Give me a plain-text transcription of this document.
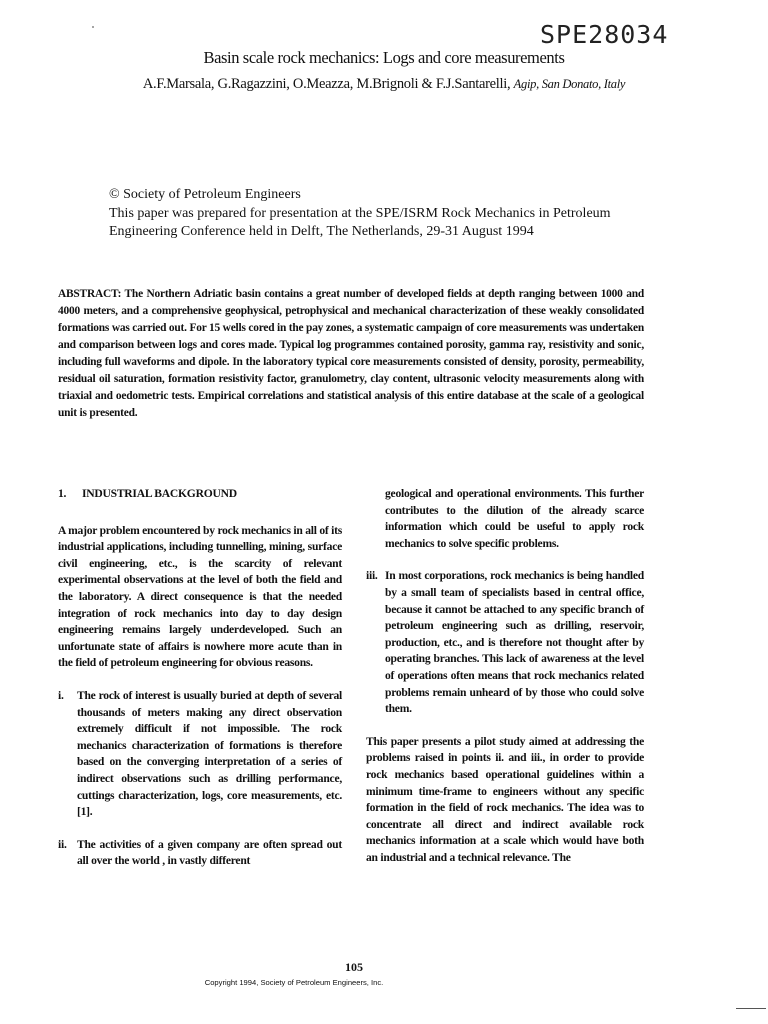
SPE28034
Basin scale rock mechanics: Logs and core measurements
A.F.Marsala, G.Ragazzini, O.Meazza, M.Brignoli & F.J.Santarelli, Agip, San Donato, Italy
© Society of Petroleum Engineers
This paper was prepared for presentation at the SPE/ISRM Rock Mechanics in Petroleum
Engineering Conference held in Delft, The Netherlands, 29-31 August 1994
ABSTRACT: The Northern Adriatic basin contains a great number of developed fields at depth ranging between 1000 and 4000 meters, and a comprehensive geophysical, petrophysical and mechanical characterization of these weakly consolidated formations was carried out. For 15 wells cored in the pay zones, a systematic campaign of core measurements was undertaken and comparison between logs and cores made. Typical log programmes contained porosity, gamma ray, resistivity and sonic, including full waveforms and dipole. In the laboratory typical core measurements consisted of density, porosity, permeability, residual oil saturation, formation resistivity factor, granulometry, clay content, ultrasonic velocity measurements along with triaxial and oedometric tests. Empirical correlations and statistical analysis of this entire database at the scale of a geological unit is presented.
1. INDUSTRIAL BACKGROUND

A major problem encountered by rock mechanics in all of its industrial applications, including tunnelling, mining, surface civil engineering, etc., is the scarcity of relevant experimental observations at the level of both the field and the laboratory. A direct consequence is that the needed integration of rock mechanics into day to day design engineering remains largely underdeveloped. Such an unfortunate state of affairs is nowhere more acute than in the field of petroleum engineering for obvious reasons.

i.	The rock of interest is usually buried at depth of several thousands of meters making any direct observation extremely difficult if not impossible. The rock mechanics characterization of formations is therefore based on the converging interpretation of a series of indirect observations such as drilling performance, cuttings characterization, logs, core measurements, etc. [1].
ii. The activities of a given company are often spread out all over the world , in vastly different
geological and operational environments. This further contributes to the dilution of the already scarce information which could be useful to apply rock mechanics to solve specific problems.
iii. In most corporations, rock mechanics is being handled by a small team of specialists based in central office, because it cannot be attached to any specific branch of petroleum engineering such as drilling, reservoir, production, etc., and is therefore not thought after by operating branches. This lack of awareness at the level of operations often means that rock mechanics related problems remain unheard of by those who could solve them.

This paper presents a pilot study aimed at addressing the problems raised in points ii. and iii., in order to provide rock mechanics based operational guidelines within a minimum time-frame to engineers without any specific formation in the field of rock mechanics. The idea was to concentrate all direct and indirect available rock mechanics information at a scale which would have both an industrial and a technical relevance. The

105
Copyright 1994, Society of Petroleum Engineers, Inc.
